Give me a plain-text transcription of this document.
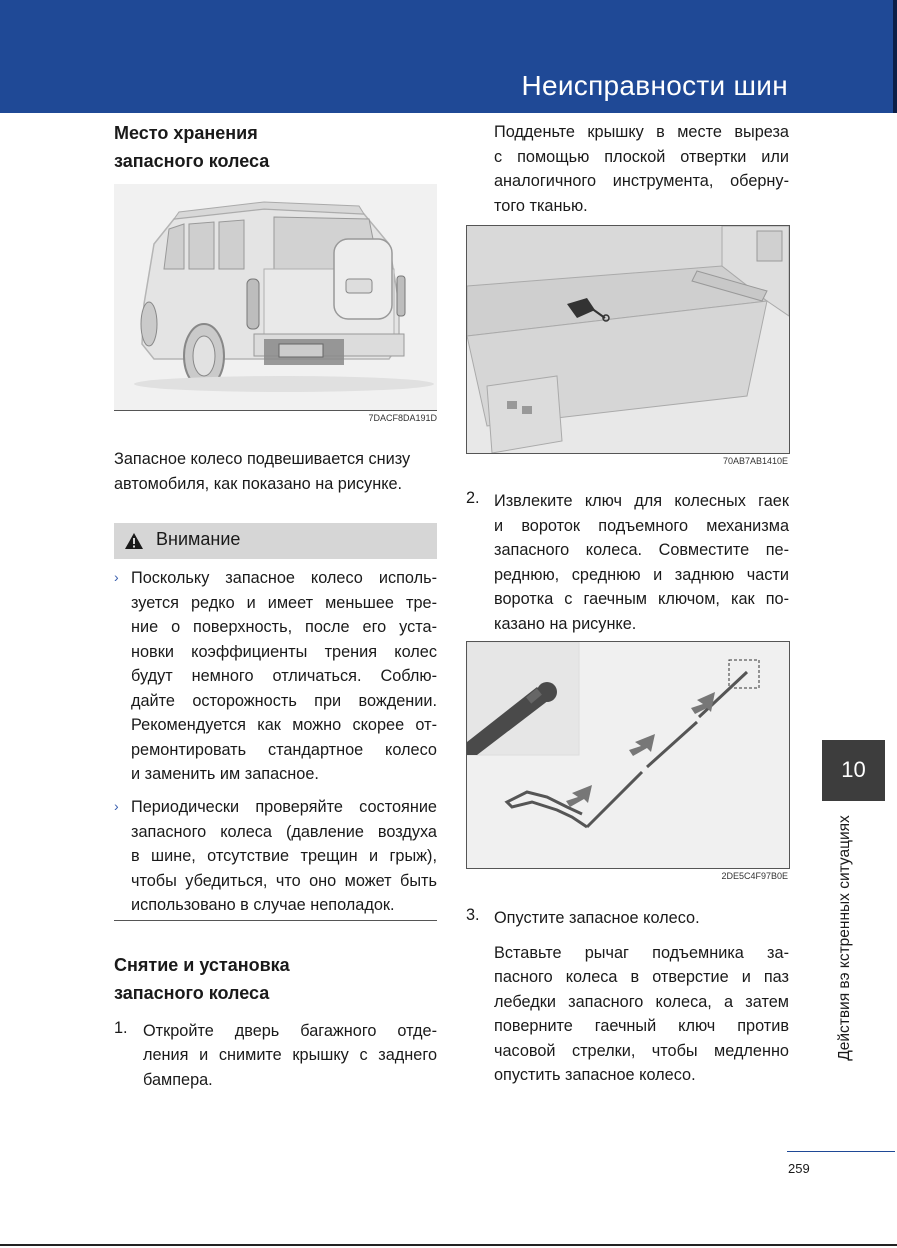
Неисправности шин
Место хранения
запасного колеса
7DACF8DA191D
Запасное колесо подвешивается снизу
автомобиля, как показано на рисунке.
Внимание
› Поскольку запасное колесо исполь-
зуется редко и имеет меньшее тре-
ние о поверхность, после его уста-
новки коэффициенты трения колес
будут немного отличаться. Соблю-
дайте осторожность при вождении.
Рекомендуется как можно скорее от-
ремонтировать стандартное колесо
и заменить им запасное.
› Периодически проверяйте состояние
запасного колеса (давление воздуха
в шине, отсутствие трещин и грыж),
чтобы убедиться, что оно может быть
использовано в случае неполадок.
Снятие и установка
запасного колеса
1. Откройте дверь багажного отде-
ления и снимите крышку с заднего
бампера.
Подденьте крышку в месте выреза
с помощью плоской отвертки или
аналогичного инструмента, оберну-
того тканью.
70AB7AB1410E
2. Извлеките ключ для колесных гаек
и вороток подъемного механизма
запасного колеса. Совместите пе-
реднюю, среднюю и заднюю части
воротка с гаечным ключом, как по-
казано на рисунке.
2DE5C4F97B0E
3. Опустите запасное колесо.
Вставьте рычаг подъемника за-
пасного колеса в отверстие и паз
лебедки запасного колеса, а затем
поверните гаечный ключ против
часовой стрелки, чтобы медленно
опустить запасное колесо.
10
Действия вэ кстренных ситуациях
259
